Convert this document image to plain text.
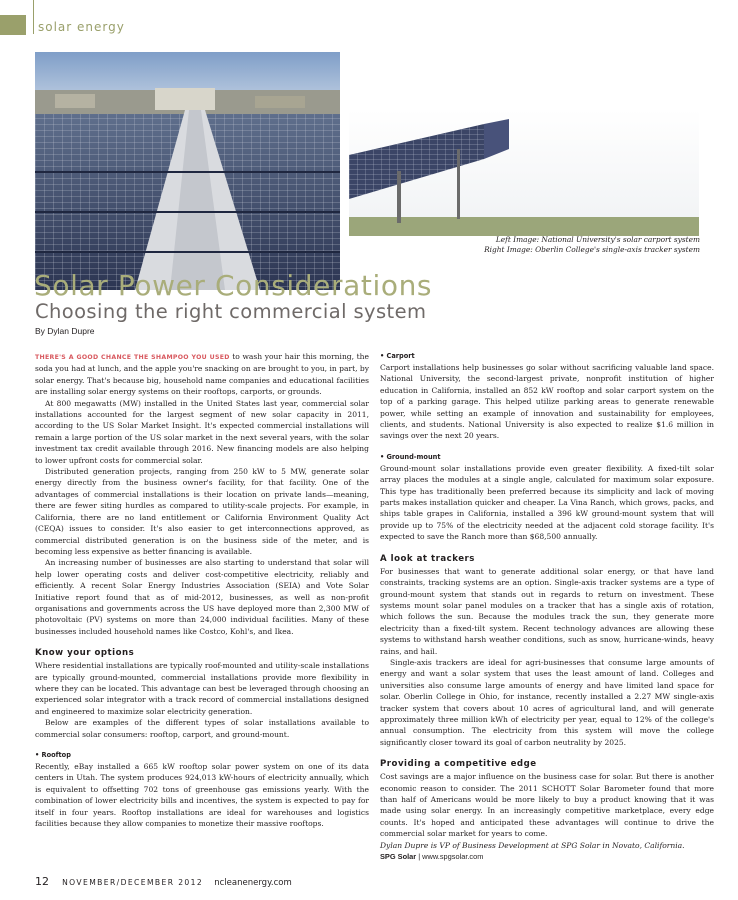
solar energy
Left Image: National University's solar carport system
Right Image: Oberlin College's single-axis tracker system
Solar Power Considerations
Choosing the right commercial system
By Dylan Dupre

THERE'S A GOOD CHANCE THE SHAMPOO YOU USED to wash your hair this morning, the soda you had at lunch, and the apple you're snacking on are brought to you, in part, by solar energy. That's because big, household name companies and educational facilities are installing solar energy systems on their rooftops, carports, or grounds.

At 800 megawatts (MW) installed in the United States last year, commercial solar installations accounted for the largest segment of new solar capacity in 2011, according to the US Solar Market Insight. It's expected commercial installations will remain a large portion of the US solar market in the next several years, with the solar investment tax credit available through 2016. New financing models are also helping to lower upfront costs for commercial solar.

Distributed generation projects, ranging from 250 kW to 5 MW, generate solar energy directly from the business owner's facility, for that facility. One of the advantages of commercial installations is their location on private lands—meaning, there are fewer siting hurdles as compared to utility-scale projects. For example, in California, there are no land entitlement or California Environment Quality Act (CEQA) issues to consider. It's also easier to get interconnections approved, as commercial distributed generation is on the business side of the meter, and is becoming less expensive as better financing is available.

An increasing number of businesses are also starting to understand that solar will help lower operating costs and deliver cost-competitive electricity, reliably and efficiently. A recent Solar Energy Industries Association (SEIA) and Vote Solar Initiative report found that as of mid-2012, businesses, as well as non-profit organisations and governments across the US have deployed more than 2,300 MW of photovoltaic (PV) systems on more than 24,000 individual facilities. Many of these businesses included household names like Costco, Kohl's, and Ikea.

Know your options

Where residential installations are typically roof-mounted and utility-scale installations are typically ground-mounted, commercial installations provide more flexibility in where they can be located. This advantage can best be leveraged through choosing an experienced solar integrator with a track record of commercial installations designed and engineered to maximize solar electricity generation.

Below are examples of the different types of solar installations available to commercial solar consumers: rooftop, carport, and ground-mount.

• Rooftop

Recently, eBay installed a 665 kW rooftop solar power system on one of its data centers in Utah. The system produces 924,013 kW-hours of electricity annually, which is equivalent to offsetting 702 tons of greenhouse gas emissions yearly. With the combination of lower electricity bills and incentives, the system is expected to pay for itself in four years. Rooftop installations are ideal for warehouses and logistics facilities because they allow companies to monetize their massive rooftops.

• Carport

Carport installations help businesses go solar without sacrificing valuable land space. National University, the second-largest private, nonprofit institution of higher education in California, installed an 852 kW rooftop and solar carport system on the top of a parking garage. This helped utilize parking areas to generate renewable power, while setting an example of innovation and sustainability for employees, clients, and students. National University is also expected to realize $1.6 million in savings over the next 20 years.

• Ground-mount

Ground-mount solar installations provide even greater flexibility. A fixed-tilt solar array places the modules at a single angle, calculated for maximum solar exposure. This type has traditionally been preferred because its simplicity and lack of moving parts makes installation quicker and cheaper. La Vina Ranch, which grows, packs, and ships table grapes in California, installed a 396 kW ground-mount system that will provide up to 75% of the electricity needed at the adjacent cold storage facility. It's expected to save the Ranch more than $68,500 annually.

A look at trackers

For businesses that want to generate additional solar energy, or that have land constraints, tracking systems are an option. Single-axis tracker systems are a type of ground-mount system that stands out in regards to return on investment. These systems mount solar panel modules on a tracker that has a single axis of rotation, which follows the sun. Because the modules track the sun, they generate more electricity than a fixed-tilt system. Recent technology advances are allowing these systems to withstand harsh weather conditions, such as snow, hurricane-winds, heavy rains, and hail.

Single-axis trackers are ideal for agri-businesses that consume large amounts of energy and want a solar system that uses the least amount of land. Colleges and universities also consume large amounts of energy and have limited land space for solar. Oberlin College in Ohio, for instance, recently installed a 2.27 MW single-axis tracker system that covers about 10 acres of agricultural land, and will generate approximately three million kWh of electricity per year, equal to 12% of the college's annual consumption. The electricity from this system will move the college significantly closer toward its goal of carbon neutrality by 2025.

Providing a competitive edge

Cost savings are a major influence on the business case for solar. But there is another economic reason to consider. The 2011 SCHOTT Solar Barometer found that more than half of Americans would be more likely to buy a product knowing that it was made using solar energy. In an increasingly competitive marketplace, every edge counts. It's hoped and anticipated these advantages will continue to drive the commercial solar market for years to come.

Dylan Dupre is VP of Business Development at SPG Solar in Novato, California.

SPG Solar | www.spgsolar.com

12 NOVEMBER/DECEMBER 2012 ncleanenergy.com
